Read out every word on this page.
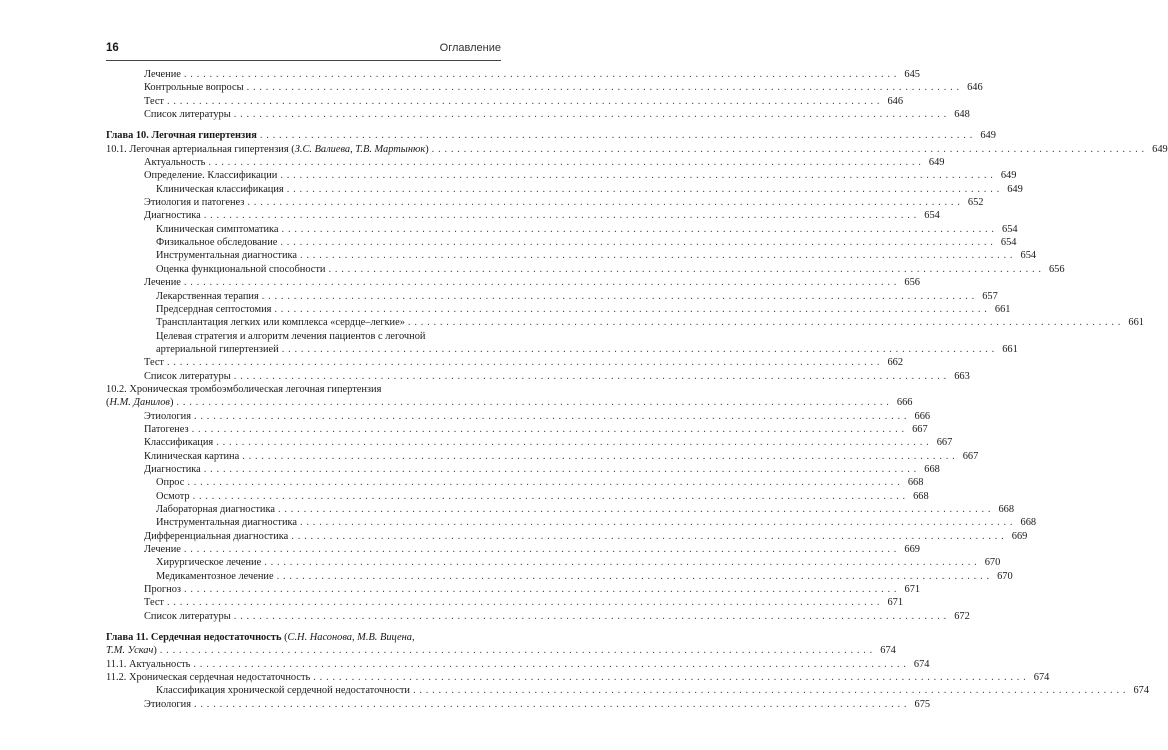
16	Оглавление
Лечение . . .	645
Контрольные вопросы . . .	646
Тест . . .	646
Список литературы . . .	648
Глава 10. Легочная гипертензия . . .	649
10.1. Легочная артериальная гипертензия (З.С. Валиева, Т.В. Мартынюк) . . .	649
Актуальность . . .	649
Определение. Классификации . . .	649
Клиническая классификация . . .	649
Этиология и патогенез . . .	652
Диагностика . . .	654
Клиническая симптоматика . . .	654
Физикальное обследование . . .	654
Инструментальная диагностика . . .	654
Оценка функциональной способности . . .	656
Лечение . . .	656
Лекарственная терапия . . .	657
Предсердная септостомия . . .	661
Трансплантация легких или комплекса «сердце–легкие» . . .	661
Целевая стратегия и алгоритм лечения пациентов с легочной
артериальной гипертензией . . .	661
Тест . . .	662
Список литературы . . .	663
10.2. Хроническая тромбоэмболическая легочная гипертензия
(Н.М. Данилов) . . .	666
Этиология . . .	666
Патогенез . . .	667
Классификация . . .	667
Клиническая картина . . .	667
Диагностика . . .	668
Опрос . . .	668
Осмотр . . .	668
Лабораторная диагностика . . .	668
Инструментальная диагностика . . .	668
Дифференциальная диагностика . . .	669
Лечение . . .	669
Хирургическое лечение . . .	670
Медикаментозное лечение . . .	670
Прогноз . . .	671
Тест . . .	671
Список литературы . . .	672
Глава 11. Сердечная недостаточность (С.Н. Насонова, М.В. Вицена,
Т.М. Ускач) . . .	674
11.1. Актуальность . . .	674
11.2. Хроническая сердечная недостаточность . . .	674
Классификация хронической сердечной недостаточности . . .	674
Этиология . . .	675
